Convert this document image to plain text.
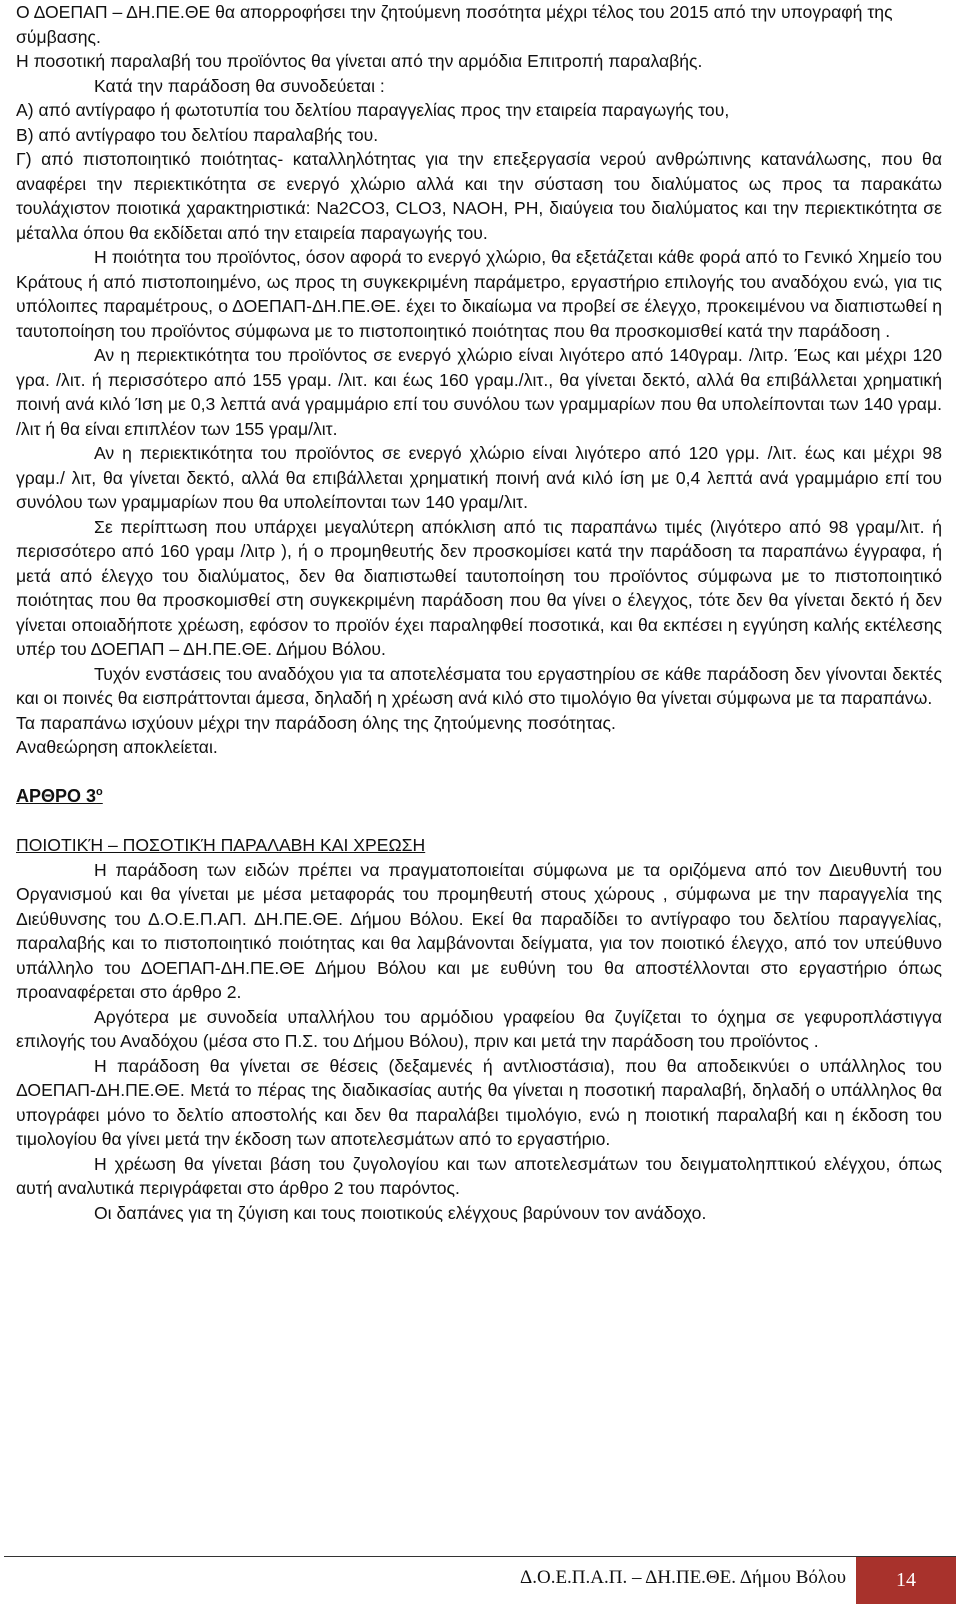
Ο ΔΟΕΠΑΠ – ΔΗ.ΠΕ.ΘΕ θα απορροφήσει την ζητούμενη ποσότητα μέχρι τέλος του 2015 από την υπογραφή της σύμβασης.

Η ποσοτική παραλαβή του προϊόντος θα γίνεται από την αρμόδια Επιτροπή παραλαβής.

Κατά την παράδοση θα συνοδεύεται :

Α) από αντίγραφο ή φωτοτυπία του δελτίου παραγγελίας προς την εταιρεία παραγωγής του,

Β) από αντίγραφο του δελτίου παραλαβής του.

Γ) από πιστοποιητικό ποιότητας- καταλληλότητας για την επεξεργασία νερού ανθρώπινης κατανάλωσης, που θα αναφέρει την περιεκτικότητα σε ενεργό χλώριο αλλά και την σύσταση του διαλύματος ως προς τα παρακάτω τουλάχιστον ποιοτικά χαρακτηριστικά: Na2CO3, CLO3, NAOH, PH, διαύγεια του διαλύματος και την περιεκτικότητα σε μέταλλα όπου θα εκδίδεται από την εταιρεία παραγωγής του.

Η ποιότητα του προϊόντος, όσον αφορά το ενεργό χλώριο, θα εξετάζεται κάθε φορά από το Γενικό Χημείο του Κράτους ή από πιστοποιημένο, ως προς τη συγκεκριμένη παράμετρο, εργαστήριο επιλογής του αναδόχου ενώ, για τις υπόλοιπες παραμέτρους, ο ΔΟΕΠΑΠ-ΔΗ.ΠΕ.ΘΕ. έχει το δικαίωμα να προβεί σε έλεγχο, προκειμένου να διαπιστωθεί η ταυτοποίηση του προϊόντος σύμφωνα με το πιστοποιητικό ποιότητας που θα προσκομισθεί κατά την παράδοση .

Αν η περιεκτικότητα του προϊόντος σε ενεργό χλώριο είναι λιγότερο από 140γραμ. /λιτρ. Έως και μέχρι 120 γρα. /λιτ. ή περισσότερο από 155 γραμ. /λιτ. και έως 160 γραμ./λιτ., θα γίνεται δεκτό, αλλά θα επιβάλλεται χρηματική ποινή ανά κιλό Ίση με 0,3 λεπτά ανά γραμμάριο επί του συνόλου των γραμμαρίων που θα υπολείπονται των 140 γραμ. /λιτ ή θα είναι επιπλέον των 155 γραμ/λιτ.

Αν η περιεκτικότητα του προϊόντος σε ενεργό χλώριο είναι λιγότερο από 120 γρμ. /λιτ. έως και μέχρι 98 γραμ./ λιτ, θα γίνεται δεκτό, αλλά θα επιβάλλεται χρηματική ποινή ανά κιλό ίση με 0,4 λεπτά ανά γραμμάριο επί του συνόλου των γραμμαρίων που θα υπολείπονται των 140 γραμ/λιτ.

Σε περίπτωση που υπάρχει μεγαλύτερη απόκλιση από τις παραπάνω τιμές (λιγότερο από 98 γραμ/λιτ. ή περισσότερο από 160 γραμ /λιτρ ), ή ο προμηθευτής δεν προσκομίσει κατά την παράδοση τα παραπάνω έγγραφα, ή μετά από έλεγχο του διαλύματος, δεν θα διαπιστωθεί ταυτοποίηση του προϊόντος σύμφωνα με το πιστοποιητικό ποιότητας που θα προσκομισθεί στη συγκεκριμένη παράδοση που θα γίνει ο έλεγχος, τότε δεν θα γίνεται δεκτό ή δεν γίνεται οποιαδήποτε χρέωση, εφόσον το προϊόν έχει παραληφθεί ποσοτικά, και θα εκπέσει η εγγύηση καλής εκτέλεσης υπέρ του ΔΟΕΠΑΠ – ΔΗ.ΠΕ.ΘΕ. Δήμου Βόλου.

Τυχόν ενστάσεις του αναδόχου για τα αποτελέσματα του εργαστηρίου σε κάθε παράδοση δεν γίνονται δεκτές και οι ποινές θα εισπράττονται άμεσα, δηλαδή η χρέωση ανά κιλό στο τιμολόγιο θα γίνεται σύμφωνα με τα παραπάνω.

Τα παραπάνω ισχύουν μέχρι την παράδοση όλης της ζητούμενης ποσότητας.

Αναθεώρηση αποκλείεται.

ΑΡΘΡΟ $3^o$

ΠΟΙΟΤΙΚΉ – ΠΟΣΟΤΙΚΉ ΠΑΡΑΛΑΒΗ ΚΑΙ ΧΡΕΩΣΗ

Η παράδοση των ειδών πρέπει να πραγματοποιείται σύμφωνα με τα οριζόμενα από τον Διευθυντή του Οργανισμού και θα γίνεται με μέσα μεταφοράς του προμηθευτή στους χώρους , σύμφωνα με την παραγγελία της Διεύθυνσης του Δ.Ο.Ε.Π.ΑΠ. ΔΗ.ΠΕ.ΘΕ. Δήμου Βόλου. Εκεί θα παραδίδει το αντίγραφο του δελτίου παραγγελίας, παραλαβής και το πιστοποιητικό ποιότητας και θα λαμβάνονται δείγματα, για τον ποιοτικό έλεγχο, από τον υπεύθυνο υπάλληλο του ΔΟΕΠΑΠ-ΔΗ.ΠΕ.ΘΕ Δήμου Βόλου και με ευθύνη του θα αποστέλλονται στο εργαστήριο όπως προαναφέρεται στο άρθρο 2.

Αργότερα με συνοδεία υπαλλήλου του αρμόδιου γραφείου θα ζυγίζεται το όχημα σε γεφυροπλάστιγγα επιλογής του Αναδόχου (μέσα στο Π.Σ. του Δήμου Βόλου), πριν και μετά την παράδοση του προϊόντος .

Η παράδοση θα γίνεται σε θέσεις (δεξαμενές ή αντλιοστάσια), που θα αποδεικνύει ο υπάλληλος του ΔΟΕΠΑΠ-ΔΗ.ΠΕ.ΘΕ. Μετά το πέρας της διαδικασίας αυτής θα γίνεται η ποσοτική παραλαβή, δηλαδή ο υπάλληλος θα υπογράφει μόνο το δελτίο αποστολής και δεν θα παραλάβει τιμολόγιο, ενώ η ποιοτική παραλαβή και η έκδοση του τιμολογίου θα γίνει μετά την έκδοση των αποτελεσμάτων από το εργαστήριο.

Η χρέωση θα γίνεται βάση του ζυγολογίου και των αποτελεσμάτων του δειγματοληπτικού ελέγχου, όπως αυτή αναλυτικά περιγράφεται στο άρθρο 2 του παρόντος.

Οι δαπάνες για τη ζύγιση και τους ποιοτικούς ελέγχους βαρύνουν τον ανάδοχο.

Δ.Ο.Ε.Π.Α.Π. – ΔΗ.ΠΕ.ΘΕ. Δήμου Βόλου	14
